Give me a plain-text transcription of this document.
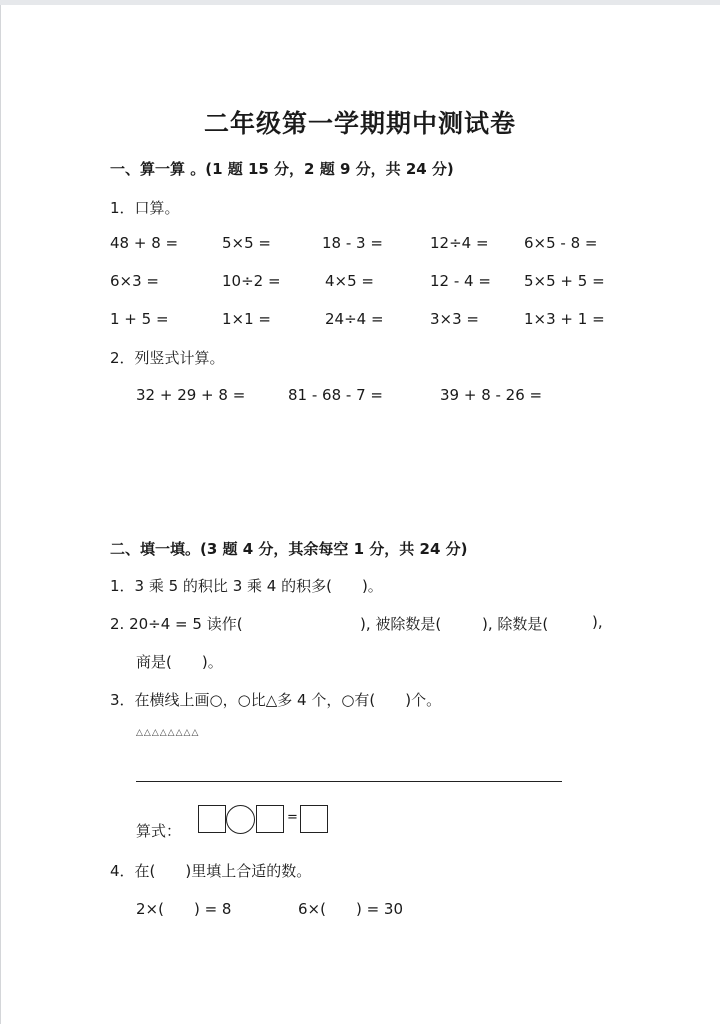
二年级第一学期期中测试卷
一、算一算 。(1 题 15 分，2 题 9 分，共 24 分)
1．口算。
48 + 8 =	5×5 =	18 - 3 =	12÷4 = 6×5 - 8 =
6×3 =	10÷2 =	4×5 =	12 - 4 = 5×5 + 5 =
1 + 5 =	1×1 =	24÷4 =	3×3 =	1×3 + 1 =
2．列竖式计算。
32 + 29 + 8 =	81 - 68 - 7 =	39 + 8 - 26 =
二、填一填。(3 题 4 分，其余每空 1 分，共 24 分)
1．3 乘 5 的积比 3 乘 4 的积多(　　)。
2. 20÷4 = 5 读作(	), 被除数是(	), 除数是(	),
商是(　　)。
3．在横线上画○，○比△多 4 个，○有(　　)个。
△△△△△△△△
算式：
=
4．在(　　)里填上合适的数。
2×(　　) = 8	6×(　　) = 30
